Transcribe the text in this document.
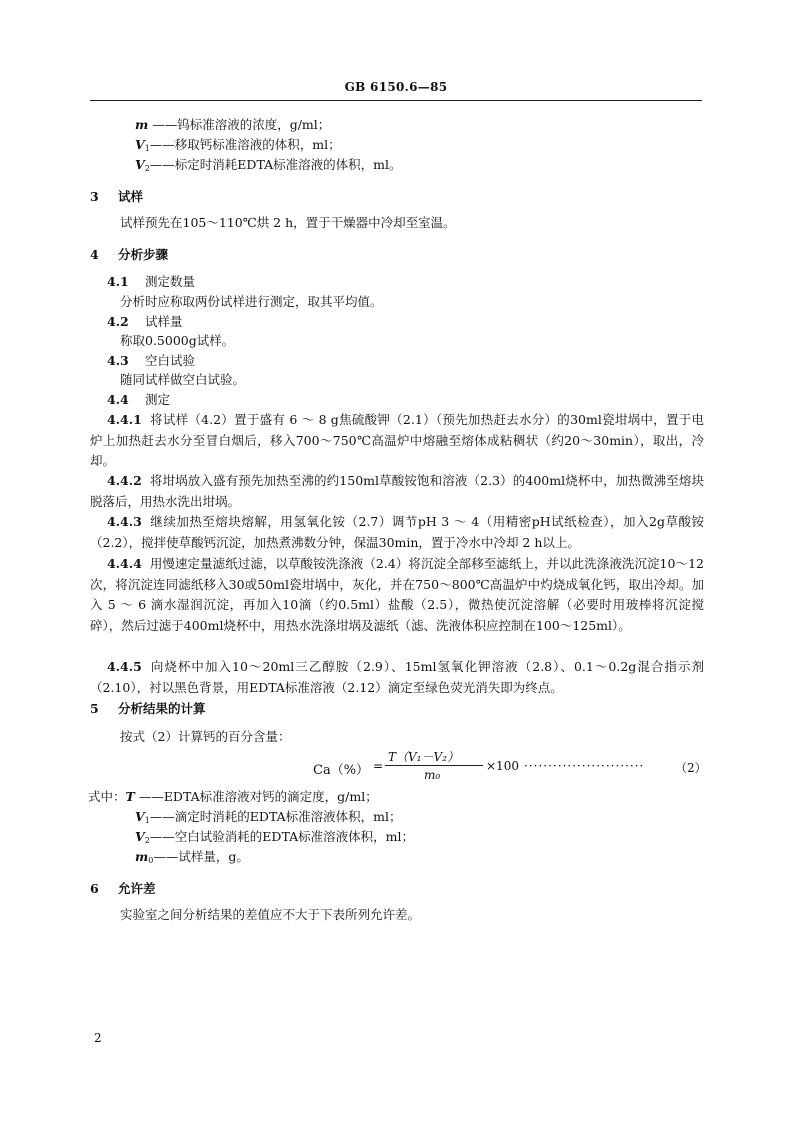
GB 6150.6—85
m ——钨标准溶液的浓度，g/ml；
$V_1——$移取钙标准溶液的体积，ml；
$V_2——$标定时消耗EDTA标准溶液的体积，ml。
3 试样
试样预先在105～110℃烘 2 h，置于干燥器中冷却至室温。
4 分析步骤
4.1 测定数量
分析时应称取两份试样进行测定，取其平均值。
4.2 试样量
称取0.5000g试样。
4.3 空白试验
随同试样做空白试验。
4.4 测定
4.4.1 将试样（4.2）置于盛有 6 ～ 8 g焦硫酸钾（2.1）（预先加热赶去水分）的30ml瓷坩埚中，置于电炉上加热赶去水分至冒白烟后，移入700～750℃高温炉中熔融至熔体成粘稠状（约20～30min），取出，冷却。
4.4.2 将坩埚放入盛有预先加热至沸的约150ml草酸铵饱和溶液（2.3）的400ml烧杯中，加热微沸至熔块脱落后，用热水洗出坩埚。
4.4.3 继续加热至熔块熔解，用氢氧化铵（2.7）调节pH 3 ～ 4（用精密pH试纸检查），加入2g草酸铵（2.2），搅拌使草酸钙沉淀，加热煮沸数分钟，保温30min，置于冷水中冷却 2 h以上。
4.4.4 用慢速定量滤纸过滤，以草酸铵洗涤液（2.4）将沉淀全部移至滤纸上，并以此洗涤液洗沉淀10～12次，将沉淀连同滤纸移入30或50ml瓷坩埚中，灰化，并在750～800℃高温炉中灼烧成氧化钙，取出冷却。加入 5 ～ 6 滴水湿润沉淀，再加入10滴（约0.5ml）盐酸（2.5），微热使沉淀溶解（必要时用玻棒将沉淀搅碎），然后过滤于400ml烧杯中，用热水洗涤坩埚及滤纸（滤、洗液体积应控制在100～125ml）。
4.4.5 向烧杯中加入10～20ml三乙醇胺（2.9）、15ml氢氧化钾溶液（2.8）、0.1～0.2g混合指示剂（2.10），衬以黑色背景，用EDTA标准溶液（2.12）滴定至绿色荧光消失即为终点。
5 分析结果的计算
按式（2）计算钙的百分含量：
Ca（%） =
T（V₁－V₂）
m₀
×100 ·························	（2）
式中：T ——EDTA标准溶液对钙的滴定度，g/ml；
$V_1——$滴定时消耗的EDTA标准溶液体积，ml；
$V_2——$空白试验消耗的EDTA标准溶液体积，ml；
$m_0——$试样量，g。
6 允许差
实验室之间分析结果的差值应不大于下表所列允许差。
2
